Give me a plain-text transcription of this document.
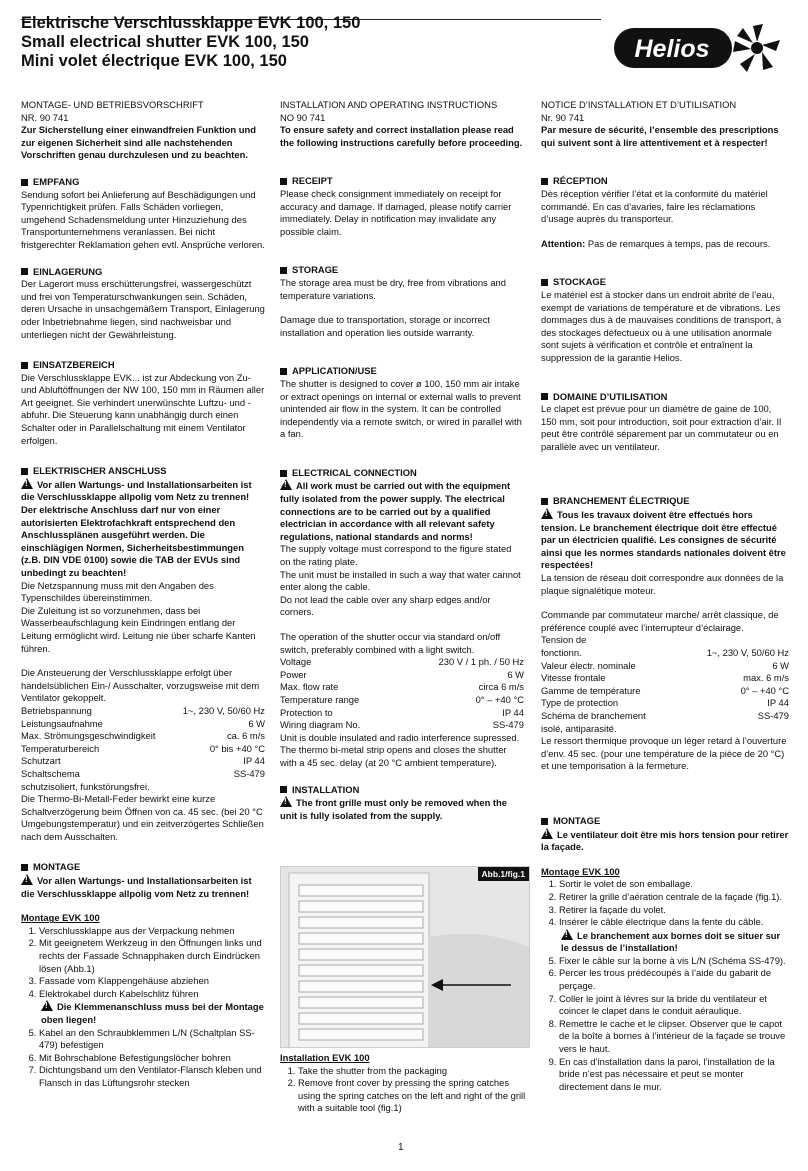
Elektrische Verschlussklappe EVK 100, 150
Small electrical shutter EVK 100, 150
Mini volet électrique EVK 100, 150	Helios

MONTAGE- UND BETRIEBSVORSCHRIFT

NR. 90 741

Zur Sicherstellung einer einwandfreien Funktion und zur eigenen Sicherheit sind alle nachstehenden Vorschriften genau durchzulesen und zu beachten.

EMPFANG

Sendung sofort bei Anlieferung auf Beschädigungen und Typenrichtigkeit prüfen. Falls Schäden vorliegen, umgehend Schadensmeldung unter Hinzuziehung des Transportunternehmens veranlassen. Bei nicht fristgerechter Reklamation gehen evtl. Ansprüche verloren.

EINLAGERUNG

Der Lagerort muss erschütterungsfrei, wassergeschützt und frei von Temperaturschwankungen sein. Schäden, deren Ursache in unsachgemäßem Transport, Einlagerung oder Inbetriebnahme liegen, sind nachweisbar und unterliegen nicht der Gewährleistung.

EINSATZBEREICH

Die Verschlussklappe EVK... ist zur Abdeckung von Zu- und Abluftöffnungen der NW 100, 150 mm in Räumen aller Art geeignet. Sie verhindert unerwünschte Luftzu- und -abfuhr. Die Steuerung kann unabhängig durch einen Schalter oder in Parallelschaltung mit einem Ventilator erfolgen.

ELEKTRISCHER ANSCHLUSS

!Vor allen Wartungs- und Installationsarbeiten ist die Verschlussklappe allpolig vom Netz zu trennen! Der elektrische Anschluss darf nur von einer autorisierten Elektrofachkraft entsprechend den Anschlussplänen ausgeführt werden. Die einschlägigen Normen, Sicherheitsbestimmungen (z.B. DIN VDE 0100) sowie die TAB der EVUs sind unbedingt zu beachten!

Die Netzspannung muss mit den Angaben des Typenschildes übereinstimmen.

Die Zuleitung ist so vorzunehmen, dass bei Wasserbeaufschlagung kein Eindringen entlang der Leitung ermöglicht wird. Leitung nie über scharfe Kanten führen.

Die Ansteuerung der Verschlussklappe erfolgt über handelsüblichen Ein-/ Ausschalter, vorzugsweise mit dem Ventilator gekoppelt.

Betriebspannung	1~, 230 V, 50/60 Hz
Leistungsaufnahme	6 W
Max. Strömungsgeschwindigkeit	ca. 6 m/s
Temperaturbereich	0° bis +40 °C
Schutzart	IP 44
Schaltschema	SS-479

schutzisoliert, funkstörungsfrei.

Die Thermo-Bi-Metall-Feder bewirkt eine kurze Schaltverzögerung beim Öffnen von ca. 45 sec. (bei 20 °C Umgebungstemperatur) und ein zeitverzögertes Schließen nach dem Ausschalten.

MONTAGE

!Vor allen Wartungs- und Installationsarbeiten ist die Verschlussklappe allpolig vom Netz zu trennen!

Montage EVK 100

1. Verschlussklappe aus der Verpackung nehmen
2. Mit geeignetem Werkzeug in den Öffnungen links und rechts der Fassade Schnapphaken durch Eindrücken lösen (Abb.1)
3. Fassade vom Klappengehäuse abziehen
4. Elektrokabel durch Kabelschlitz führen
!Die Klemmenanschluss muss bei der Montage oben liegen!
5. Kabel an den Schraubklemmen L/N (Schaltplan SS-479) befestigen
6. Mit Bohrschablone Befestigungslöcher bohren
7. Dichtungsband um den Ventilator-Flansch kleben und Flansch in das Lüftungsrohr stecken

INSTALLATION AND OPERATING INSTRUCTIONS

NO 90 741

To ensure safety and correct installation please read the following instructions carefully before proceeding.

RECEIPT

Please check consignment immediately on receipt for accuracy and damage. If damaged, please notify carrier immediately. Delay in notification may invalidate any possible claim.

STORAGE

The storage area must be dry, free from vibrations and temperature variations.

Damage due to transportation, storage or incorrect installation and operation lies outside warranty.

APPLICATION/USE

The shutter is designed to cover ø 100, 150 mm air intake or extract openings on internal or external walls to prevent unintended air flow in the system. It can be controlled independently via a remote switch, or wired in parallel with a fan.

ELECTRICAL CONNECTION

!All work must be carried out with the equipment fully isolated from the power supply. The electrical connections are to be carried out by a qualified electrician in accordance with all relevant safety regulations, national standards and norms!

The supply voltage must correspond to the figure stated on the rating plate.

The unit must be installed in such a way that water cannot enter along the cable.

Do not lead the cable over any sharp edges and/or corners.

The operation of the shutter occur via standard on/off switch, preferably combined with a light switch.

Voltage	230 V / 1 ph. / 50 Hz
Power	6 W
Max. flow rate	circa 6 m/s
Temperature range	0° – +40 °C
Protection to	IP 44
Wiring diagram No.	SS-479

Unit is double insulated and radio interference supressed.

The thermo bi-metal strip opens and closes the shutter with a 45 sec. delay (at 20 °C ambient temperature).

INSTALLATION

!The front grille must only be removed when the unit is fully isolated from the supply.

Abb.1/fig.1

Installation EVK 100

1. Take the shutter from the packaging
2. Remove front cover by pressing the spring catches using the spring catches on the left and right of the grill with a suitable tool (fig.1)

NOTICE D’INSTALLATION ET D’UTILISATION

Nr. 90 741

Par mesure de sécurité, l’ensemble des prescriptions qui suivent sont à lire attentivement et à respecter!

RÉCEPTION

Dès réception vérifier l’état et la conformité du matériel commandé. En cas d’avaries, faire les réclamations d’usage auprès du transporteur.

Attention: Pas de remarques à temps, pas de recours.

STOCKAGE

Le matériel est à stocker dans un endroit abrité de l’eau, exempt de variations de température et de vibrations. Les dommages dus à de mauvaises conditions de transport, à des stockages défectueux ou à une utilisation anormale sont sujets à vérification et contrôle et entraînent la suppression de la garantie Helios.

DOMAINE D’UTILISATION

Le clapet est prévue pour un diamètre de gaine de 100, 150 mm, soit pour introduction, soit pour extraction d’air. Il peut être contrôlé séparement par un commutateur ou en parallèle avec un ventilateur.

BRANCHEMENT ÉLECTRIQUE

!Tous les travaux doivent être effectués hors tension. Le branchement électrique doit être effectué par un électricien qualifié. Les consignes de sécurité ainsi que les normes standards nationales doivent être respectées!

La tension de réseau doit correspondre aux données de la plaque signalétique moteur.

Commande par commutateur marche/ arrêt classique, de préférence couplé avec l’interrupteur d’éclairage.

Tension de

fonctionn.	1~, 230 V, 50/60 Hz
Valeur électr. nominale	6 W
Vitesse frontale	max. 6 m/s
Gamme de température	0° – +40 °C
Type de protection	IP 44
Schéma de branchement	SS-479

isolé, antiparasité.

Le ressort thermique provoque un léger retard à l’ouverture d’env. 45 sec. (pour une température de la pièce de 20 °C) et une temporisation à la fermeture.

MONTAGE

!Le ventilateur doit être mis hors tension pour retirer la façade.

Montage EVK 100

1. Sortir le volet de son emballage.
2. Retirer la grille d’aération centrale de la façade (fig.1).
3. Retirer la façade du volet.
4. Insérer le câble électrique dans la fente du câble.
!Le branchement aux bornes doit se situer sur le dessus de l’installation!
5. Fixer le câble sur la borne à vis L/N (Schéma SS-479).
6. Percer les trous prédécoupés à l’aide du gabarit de perçage.
7. Coller le joint à lèvres sur la bride du ventilateur et coincer le clapet dans le conduit aéraulique.
8. Remettre le cache et le clipser. Observer que le capot de la boîte à bornes à l’intérieur de la façade se trouve vers le haut.
9. En cas d’installation dans la paroi, l’installation de la bride n’est pas nécessaire et peut se monter directement dans le mur.
1
